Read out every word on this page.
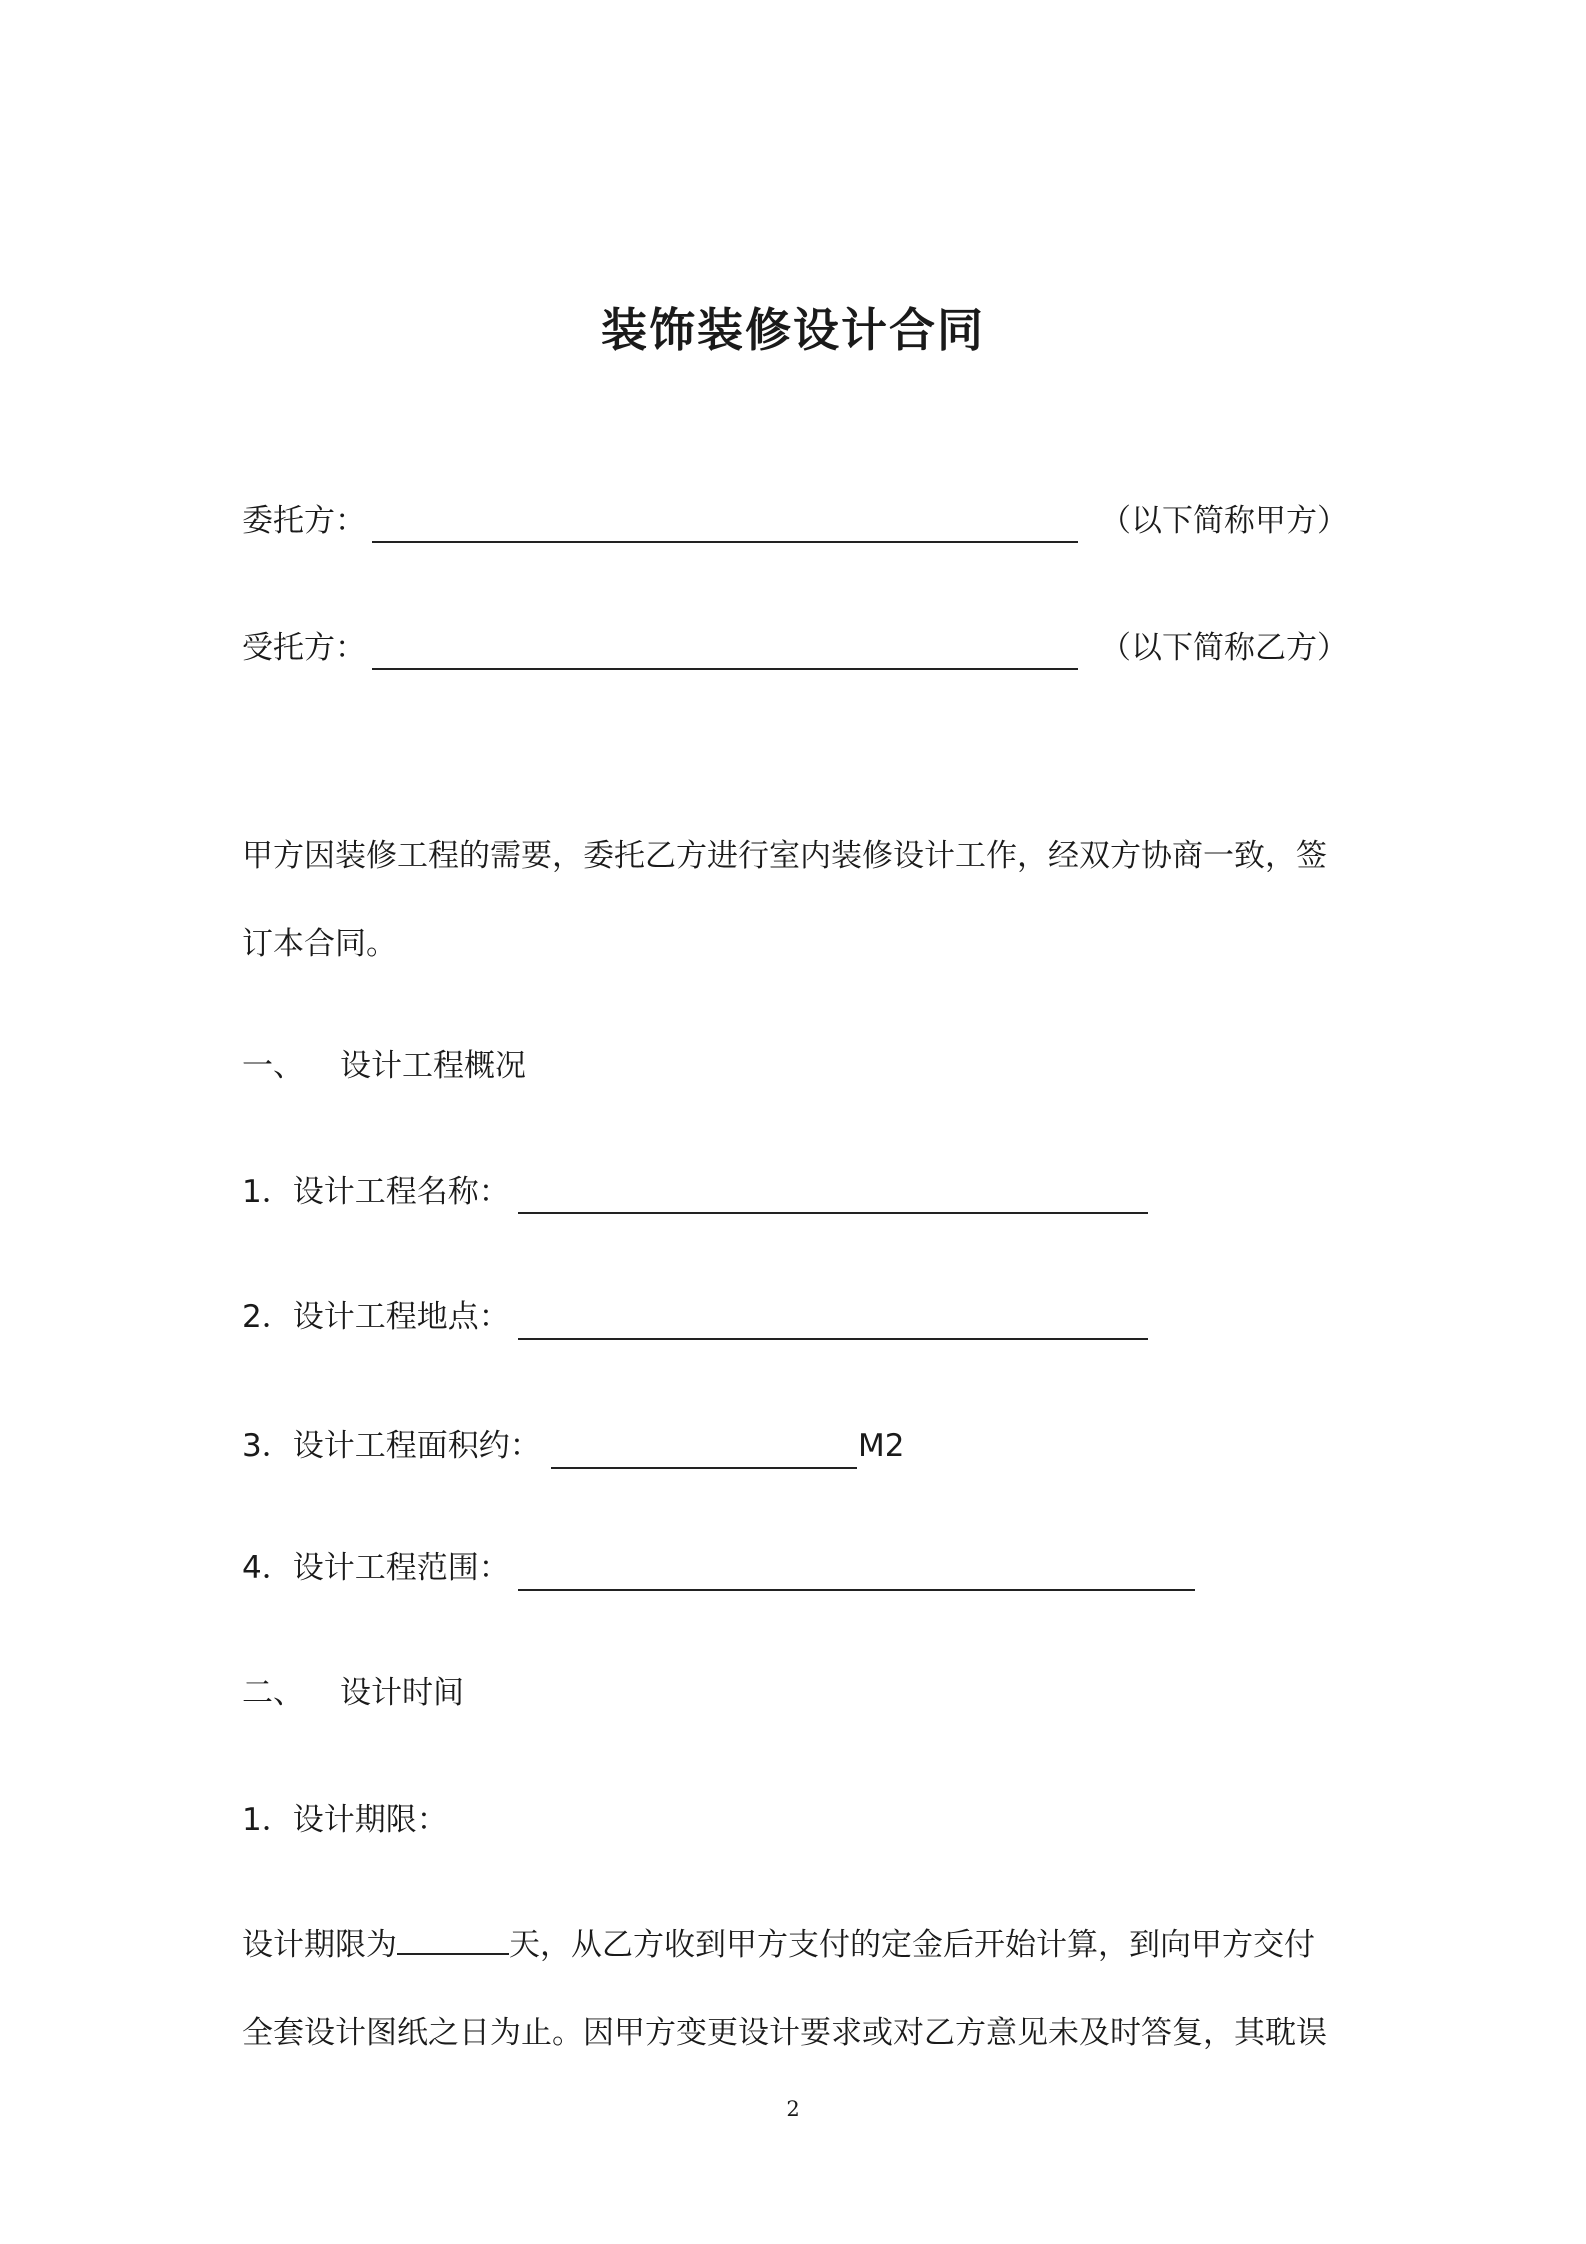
装饰装修设计合同
委托方：	（以下简称甲方）
受托方：	（以下简称乙方）
甲方因装修工程的需要，委托乙方进行室内装修设计工作，经双方协商一致，签
订本合同。
一、 设计工程概况
1．设计工程名称：
2．设计工程地点：
3．设计工程面积约：	M2
4．设计工程范围：
二、 设计时间
1．设计期限：
设计期限为	天，从乙方收到甲方支付的定金后开始计算，到向甲方交付
全套设计图纸之日为止。因甲方变更设计要求或对乙方意见未及时答复，其耽误
2
